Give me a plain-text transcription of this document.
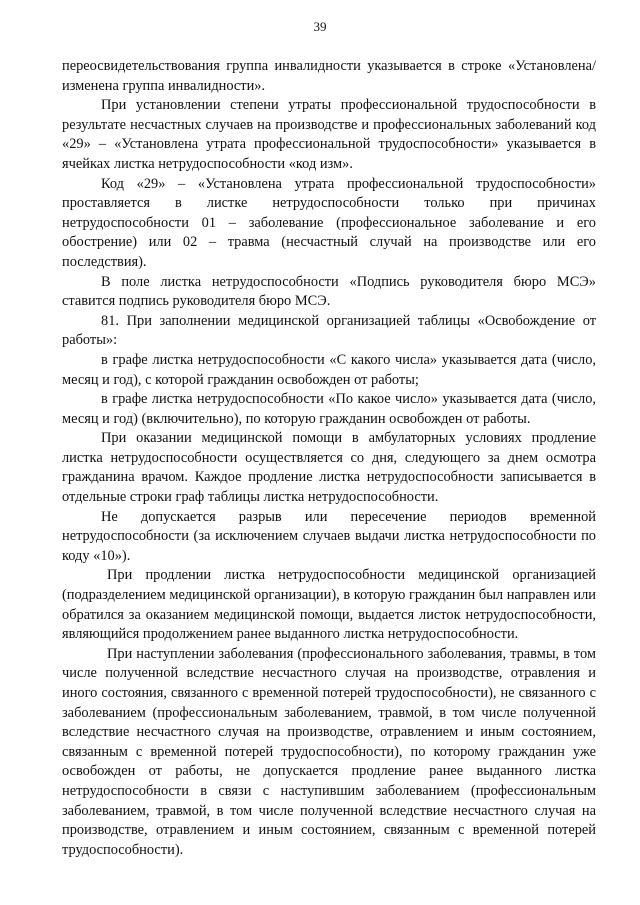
39

переосвидетельствования группа инвалидности указывается в строке «Установлена/изменена группа инвалидности».

При установлении степени утраты профессиональной трудоспособности в результате несчастных случаев на производстве и профессиональных заболеваний код «29» – «Установлена утрата профессиональной трудоспособности» указывается в ячейках листка нетрудоспособности «код изм».

Код «29» – «Установлена утрата профессиональной трудоспособности» проставляется в листке нетрудоспособности только при причинах нетрудоспособности 01 – заболевание (профессиональное заболевание и его обострение) или 02 – травма (несчастный случай на производстве или его последствия).

В поле листка нетрудоспособности «Подпись руководителя бюро МСЭ» ставится подпись руководителя бюро МСЭ.

81. При заполнении медицинской организацией таблицы «Освобождение от работы»:

в графе листка нетрудоспособности «С какого числа» указывается дата (число, месяц и год), с которой гражданин освобожден от работы;

в графе листка нетрудоспособности «По какое число» указывается дата (число, месяц и год) (включительно), по которую гражданин освобожден от работы.

При оказании медицинской помощи в амбулаторных условиях продление листка нетрудоспособности осуществляется со дня, следующего за днем осмотра гражданина врачом. Каждое продление листка нетрудоспособности записывается в отдельные строки граф таблицы листка нетрудоспособности.

Не допускается разрыв или пересечение периодов временной нетрудоспособности (за исключением случаев выдачи листка нетрудоспособности по коду «10»).

При продлении листка нетрудоспособности медицинской организацией (подразделением медицинской организации), в которую гражданин был направлен или обратился за оказанием медицинской помощи, выдается листок нетрудоспособности, являющийся продолжением ранее выданного листка нетрудоспособности.

При наступлении заболевания (профессионального заболевания, травмы, в том числе полученной вследствие несчастного случая на производстве, отравления и иного состояния, связанного с временной потерей трудоспособности), не связанного с заболеванием (профессиональным заболеванием, травмой, в том числе полученной вследствие несчастного случая на производстве, отравлением и иным состоянием, связанным с временной потерей трудоспособности), по которому гражданин уже освобожден от работы, не допускается продление ранее выданного листка нетрудоспособности в связи с наступившим заболеванием (профессиональным заболеванием, травмой, в том числе полученной вследствие несчастного случая на производстве, отравлением и иным состоянием, связанным с временной потерей трудоспособности).
